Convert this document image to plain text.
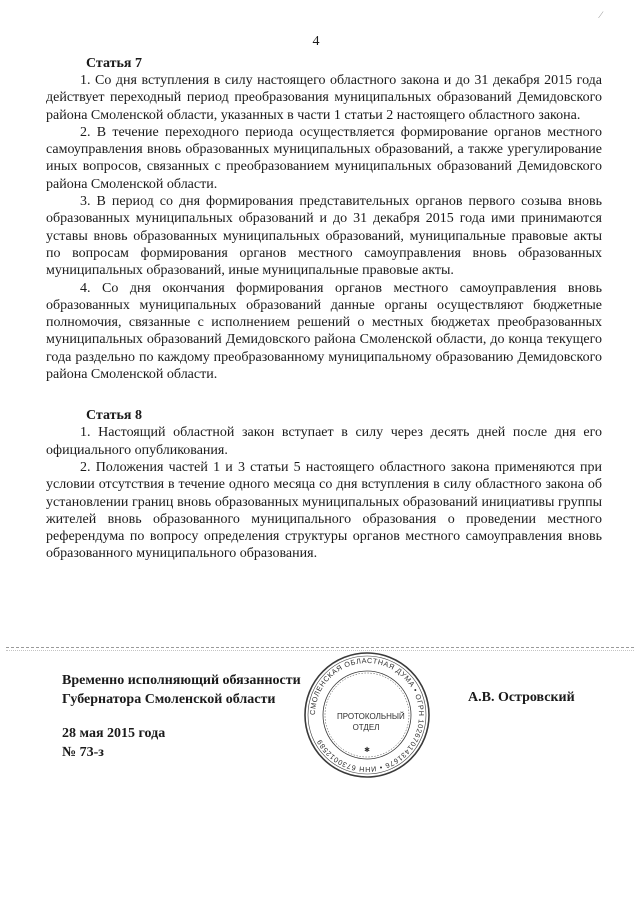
∕
4
Статья 7

1. Со дня вступления в силу настоящего областного закона и до 31 декабря 2015 года действует переходный период преобразования муниципальных образований Демидовского района Смоленской области, указанных в части 1 статьи 2 настоящего областного закона.

2. В течение переходного периода осуществляется формирование органов местного самоуправления вновь образованных муниципальных образований, а также урегулирование иных вопросов, связанных с преобразованием муниципальных образований Демидовского района Смоленской области.

3. В период со дня формирования представительных органов первого созыва вновь образованных муниципальных образований и до 31 декабря 2015 года ими принимаются уставы вновь образованных муниципальных образований, муниципальные правовые акты по вопросам формирования органов местного самоуправления вновь образованных муниципальных образований, иные муниципальные правовые акты.

4. Со дня окончания формирования органов местного самоуправления вновь образованных муниципальных образований данные органы осуществляют бюджетные полномочия, связанные с исполнением решений о местных бюджетах преобразованных муниципальных образований Демидовского района Смоленской области, до конца текущего года раздельно по каждому преобразованному муниципальному образованию Демидовского района Смоленской области.

Статья 8

1. Настоящий областной закон вступает в силу через десять дней после дня его официального опубликования.

2. Положения частей 1 и 3 статьи 5 настоящего областного закона применяются при условии отсутствия в течение одного месяца со дня вступления в силу областного закона об установлении границ вновь образованных муниципальных образований инициативы группы жителей вновь образованного муниципального образования о проведении местного референдума по вопросу определения структуры органов местного самоуправления вновь образованного муниципального образования.

Временно исполняющий обязанности
Губернатора Смоленской области	А.В. Островский
28 мая 2015 года
№ 73-з
СМОЛЕНСКАЯ ОБЛАСТНАЯ ДУМА • ОГРН 1026701431676 • ИНН 6730012589
✱
ПРОТОКОЛЬНЫЙ
ОТДЕЛ
